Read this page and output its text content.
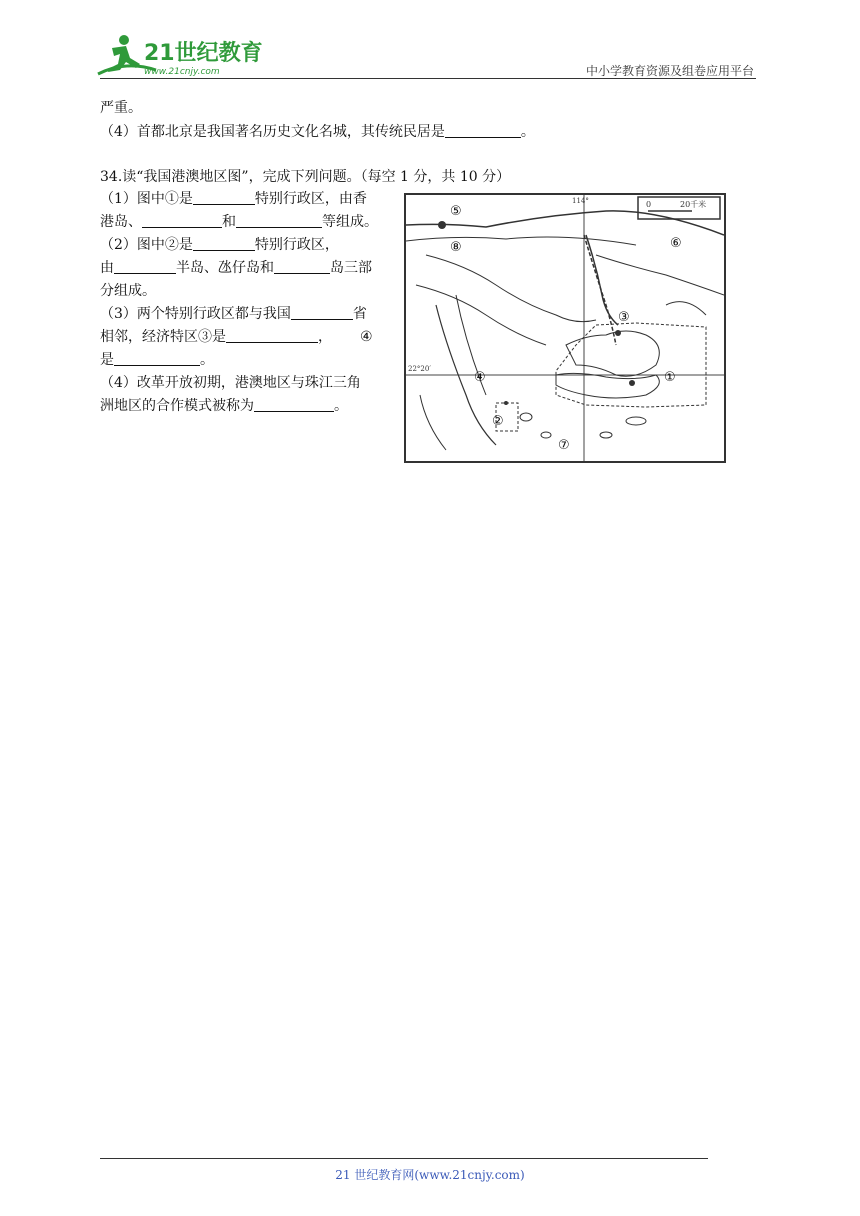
21世纪教育
www.21cnjy.com	中小学教育资源及组卷应用平台
严重。
（4）首都北京是我国著名历史文化名城，其传统民居是	。
34.读“我国港澳地区图”，完成下列问题。（每空 1 分，共 10 分）
（1）图中①是	特别行政区，由香
港岛、	和	等组成。
（2）图中②是	特别行政区，
由	半岛、氹仔岛和	岛三部
分组成。
（3）两个特别行政区都与我国	省
相邻，经济特区③是	， ④
是	。
（4）改革开放初期，港澳地区与珠江三角
洲地区的合作模式被称为	。
0	20千米
114°
22°20′
①
②
③
④
⑤
⑥
⑦
⑧
21 世纪教育网(www.21cnjy.com)
